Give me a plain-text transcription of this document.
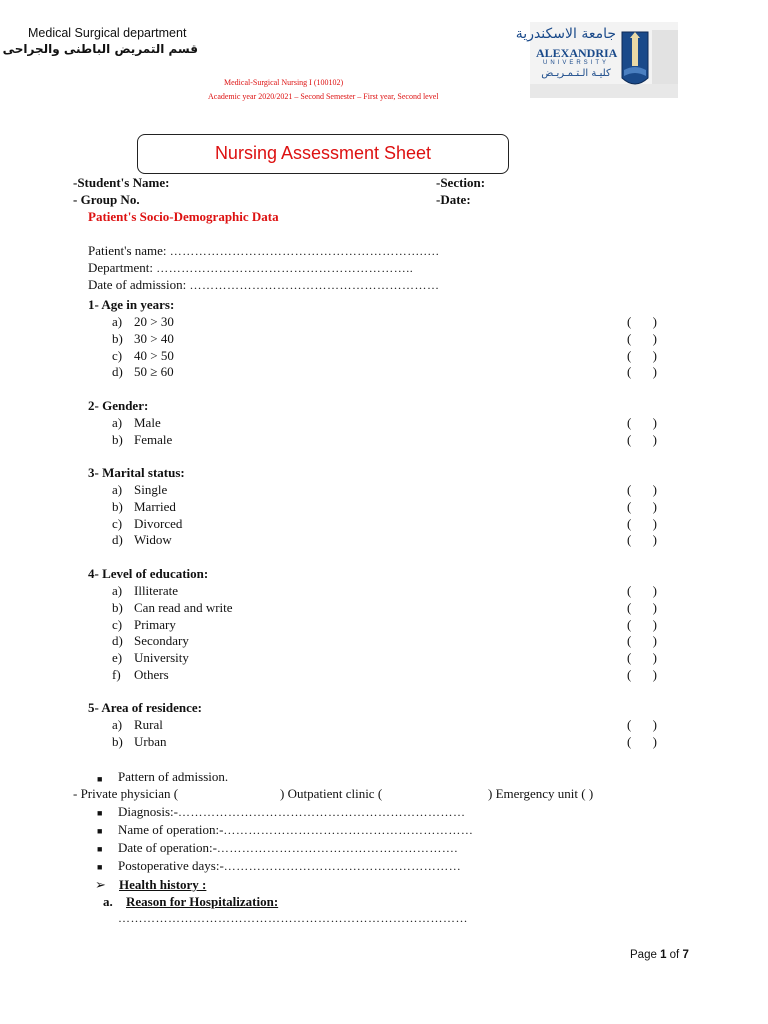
Medical Surgical department
قسم التمريض الباطنى والجراحى
Medical-Surgical Nursing I (100102)
Academic year 2020/2021 – Second Semester – First year, Second level
جامعة الاسكندرية
ALEXANDRIA
UNIVERSITY
كليـة الـتـمـريـض
Nursing Assessment Sheet
-Student's Name:	-Section:
- Group No.	-Date:
Patient's Socio-Demographic Data
Patient's name: …………………………………………………….….
Department: ……………………………………………………..
Date of admission: ……………………………………………………
1- Age in years:
a) 20 > 30	( )
b) 30 > 40	( )
c) 40 > 50	( )
d) 50 ≥ 60	( )
2- Gender:
a) Male	( )
b) Female	( )
3- Marital status:
a) Single	( )
b) Married	( )
c) Divorced	( )
d) Widow	( )
4- Level of education:
a) Illiterate	( )
b) Can read and write	( )
c) Primary	( )
d) Secondary	( )
e) University	( )
f) Others	( )
5- Area of residence:
a) Rural	( )
b) Urban	( )
■ Pattern of admission.
- Private physician (	) Outpatient clinic (	) Emergency unit ( )
■ Diagnosis:-……………………………………………………………
■ Name of operation:-……………………………………………………
■ Date of operation:-………………………………………………….
■ Postoperative days:-…………………………………………………
➢ Health history :
a. Reason for Hospitalization:
…………………………………………………………………………
Page 1 of 7
